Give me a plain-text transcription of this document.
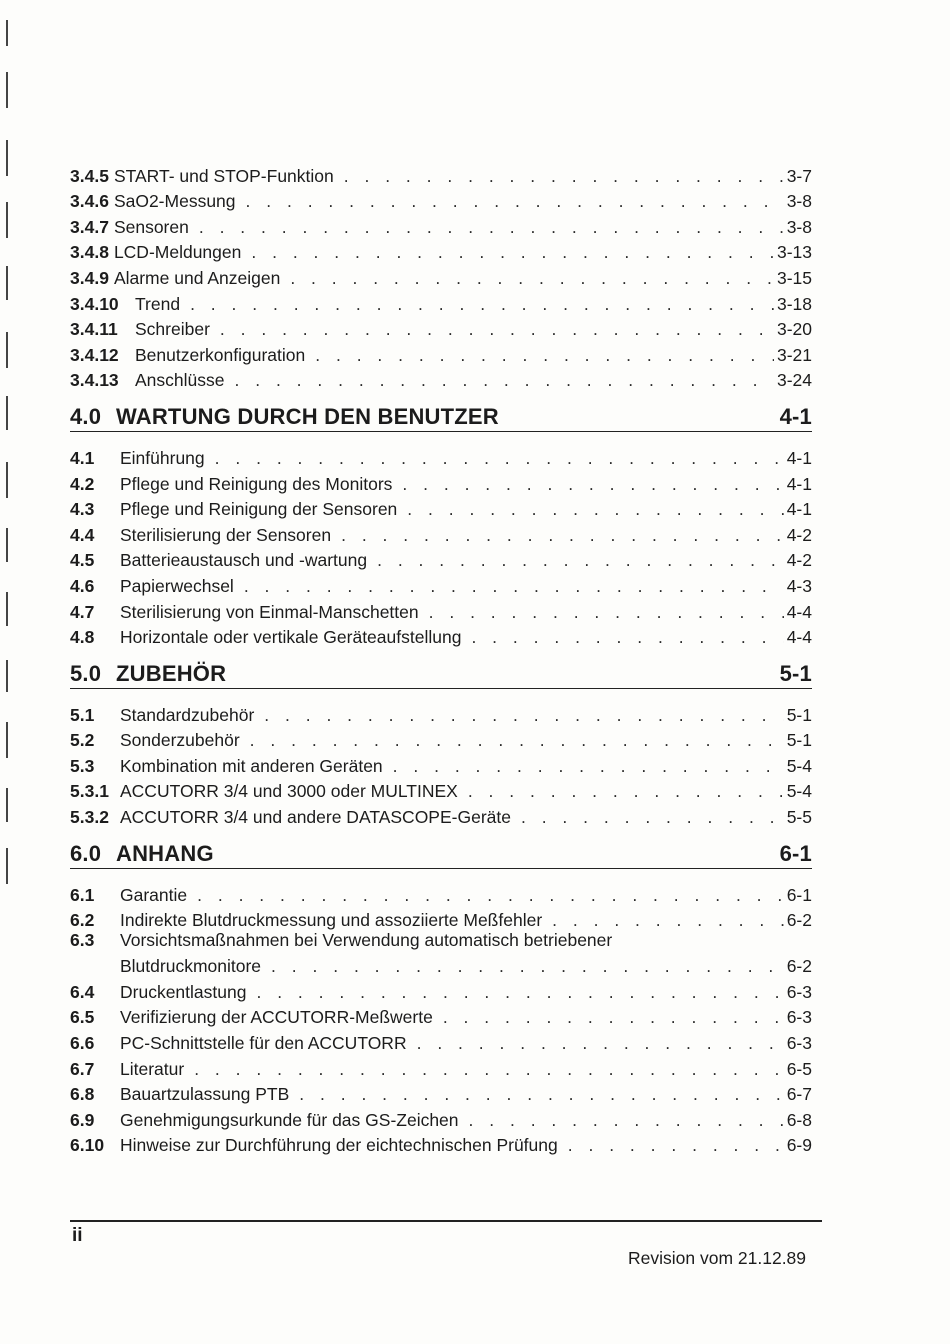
3.4.5 START- und STOP-Funktion . . .	3-7
3.4.6 SaO2-Messung . . .	3-8
3.4.7 Sensoren . . .	3-8
3.4.8 LCD-Meldungen . . .	3-13
3.4.9 Alarme und Anzeigen . . .	3-15
3.4.10 Trend . . .	3-18
3.4.11 Schreiber . . .	3-20
3.4.12 Benutzerkonfiguration . . .	3-21
3.4.13 Anschlüsse . . .	3-24
4.0 WARTUNG DURCH DEN BENUTZER	4-1
4.1	Einführung . . .	4-1
4.2	Pflege und Reinigung des Monitors . . .	4-1
4.3	Pflege und Reinigung der Sensoren . . .	4-1
4.4	Sterilisierung der Sensoren . . .	4-2
4.5	Batterieaustausch und -wartung . . .	4-2
4.6	Papierwechsel . . .	4-3
4.7	Sterilisierung von Einmal-Manschetten . . .	4-4
4.8	Horizontale oder vertikale Geräteaufstellung . . .	4-4
5.0 ZUBEHÖR	5-1
5.1	Standardzubehör . . .	5-1
5.2	Sonderzubehör . . .	5-1
5.3	Kombination mit anderen Geräten . . .	5-4
5.3.1 ACCUTORR 3/4 und 3000 oder MULTINEX . . .	5-4
5.3.2 ACCUTORR 3/4 und andere DATASCOPE-Geräte . . .	5-5
6.0 ANHANG	6-1
6.1	Garantie . . .	6-1
6.2	Indirekte Blutdruckmessung und assoziierte Meßfehler . . .	6-2
6.3	Vorsichtsmaßnahmen bei Verwendung automatisch betriebener
Blutdruckmonitore . . .	6-2
6.4	Druckentlastung . . .	6-3
6.5	Verifizierung der ACCUTORR-Meßwerte . . .	6-3
6.6	PC-Schnittstelle für den ACCUTORR . . .	6-3
6.7	Literatur . . .	6-5
6.8	Bauartzulassung PTB . . .	6-7
6.9	Genehmigungsurkunde für das GS-Zeichen . . .	6-8
6.10 Hinweise zur Durchführung der eichtechnischen Prüfung . . .	6-9
ii
Revision vom 21.12.89
